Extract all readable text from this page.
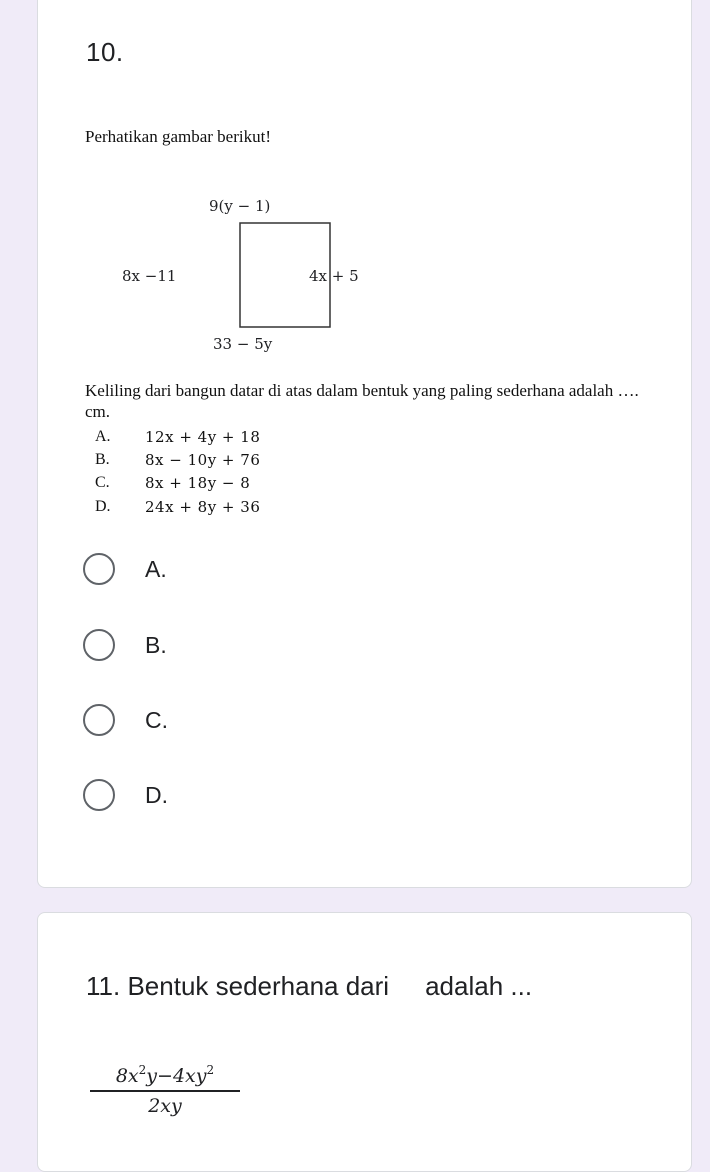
10.
Perhatikan gambar berikut!
9(y − 1)
8x −11	4x + 5
33 − 5y
Keliling dari bangun datar di atas dalam bentuk yang paling sederhana adalah …. cm.
A.	12x + 4y + 18
B.	8x − 10y + 76
C.	8x + 18y − 8
D.	24x + 8y + 36
A.
B.
C.
D.
11. Bentuk sederhana dari adalah ...
$\frac{8x^2y-4xy^2}{2xy}$
